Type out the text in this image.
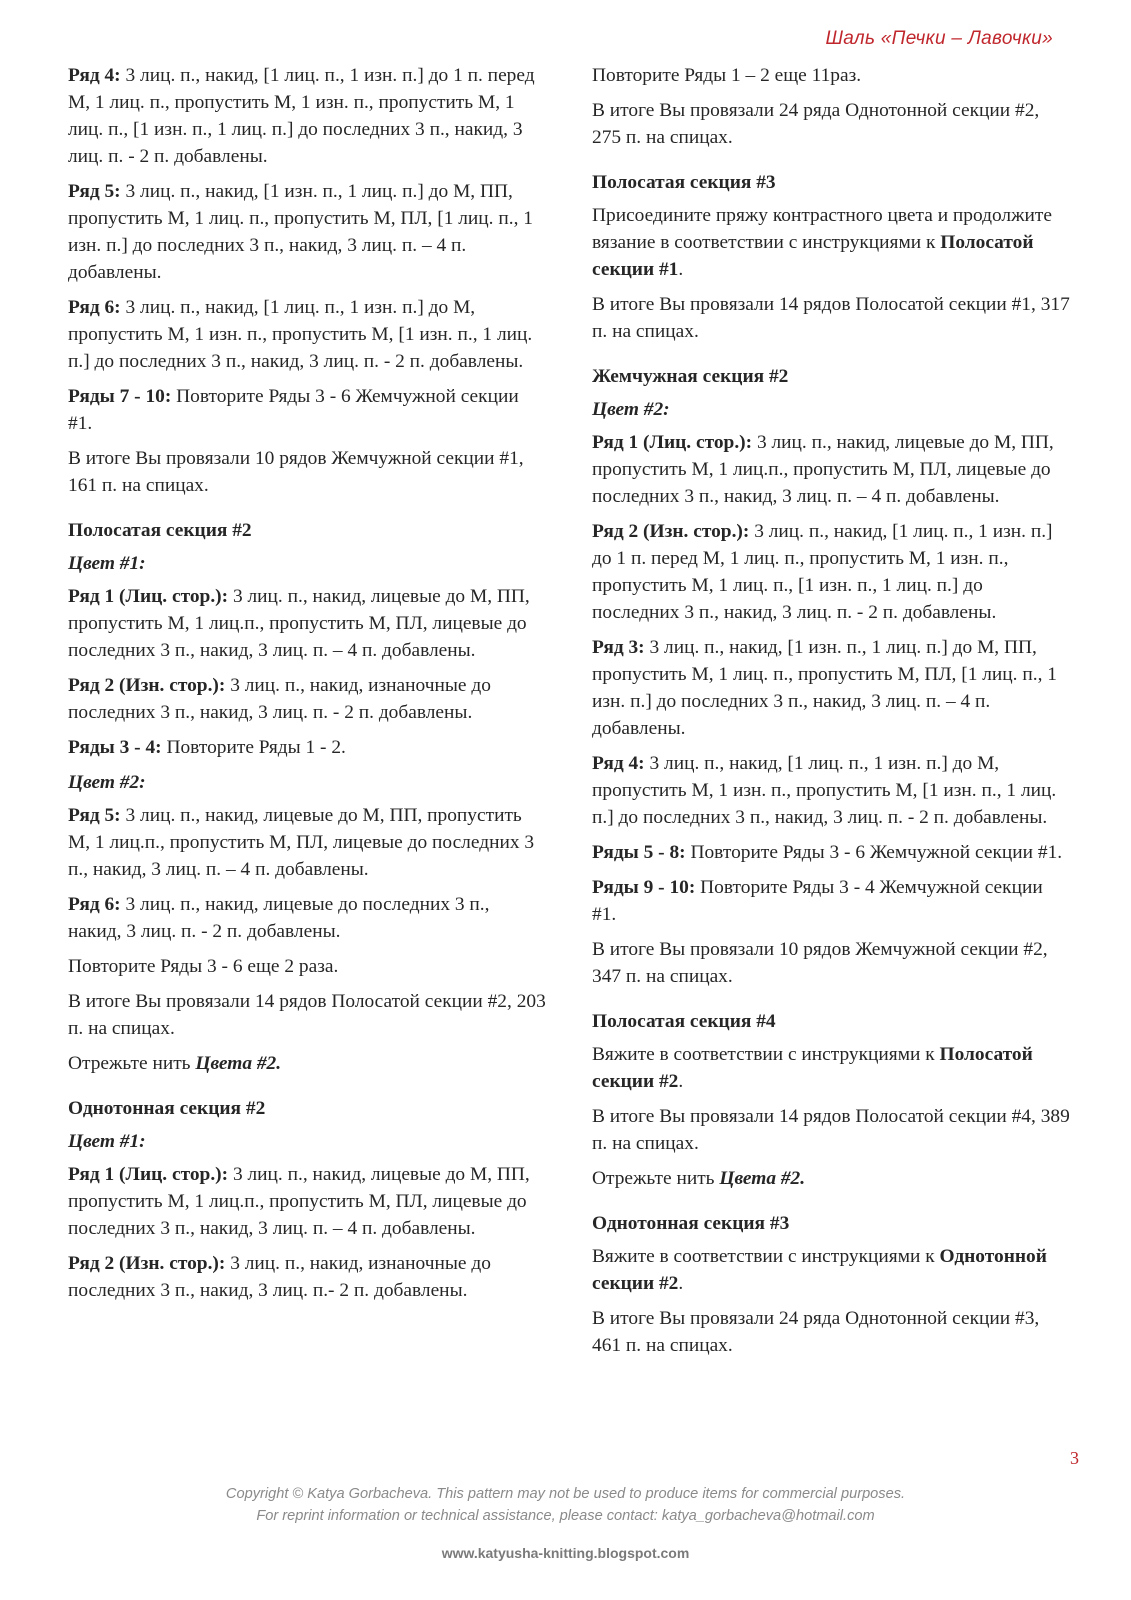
Шаль «Печки – Лавочки»

Ряд 4: 3 лиц. п., накид, [1 лиц. п., 1 изн. п.] до 1 п. перед М, 1 лиц. п., пропустить М, 1 изн. п., пропустить М, 1 лиц. п., [1 изн. п., 1 лиц. п.] до последних 3 п., накид, 3 лиц. п. - 2 п. добавлены.

Ряд 5: 3 лиц. п., накид, [1 изн. п., 1 лиц. п.] до М, ПП, пропустить М, 1 лиц. п., пропустить М, ПЛ, [1 лиц. п., 1 изн. п.] до последних 3 п., накид, 3 лиц. п. – 4 п. добавлены.

Ряд 6: 3 лиц. п., накид, [1 лиц. п., 1 изн. п.] до М, пропустить М, 1 изн. п., пропустить М, [1 изн. п., 1 лиц. п.] до последних 3 п., накид, 3 лиц. п. - 2 п. добавлены.

Ряды 7 - 10: Повторите Ряды 3 - 6 Жемчужной секции #1.

В итоге Вы провязали 10 рядов Жемчужной секции #1, 161 п. на спицах.

Полосатая секция #2
Цвет #1:

Ряд 1 (Лиц. стор.): 3 лиц. п., накид, лицевые до М, ПП, пропустить М, 1 лиц.п., пропустить М, ПЛ, лицевые до последних 3 п., накид, 3 лиц. п. – 4 п. добавлены.

Ряд 2 (Изн. стор.): 3 лиц. п., накид, изнаночные до последних 3 п., накид, 3 лиц. п. - 2 п. добавлены.

Ряды 3 - 4: Повторите Ряды 1 - 2.

Цвет #2:

Ряд 5: 3 лиц. п., накид, лицевые до М, ПП, пропустить М, 1 лиц.п., пропустить М, ПЛ, лицевые до последних 3 п., накид, 3 лиц. п. – 4 п. добавлены.

Ряд 6: 3 лиц. п., накид, лицевые до последних 3 п., накид, 3 лиц. п. - 2 п. добавлены.

Повторите Ряды 3 - 6 еще 2 раза.

В итоге Вы провязали 14 рядов Полосатой секции #2, 203 п. на спицах.

Отрежьте нить Цвета #2.

Однотонная секция #2
Цвет #1:

Ряд 1 (Лиц. стор.): 3 лиц. п., накид, лицевые до М, ПП, пропустить М, 1 лиц.п., пропустить М, ПЛ, лицевые до последних 3 п., накид, 3 лиц. п. – 4 п. добавлены.

Ряд 2 (Изн. стор.): 3 лиц. п., накид, изнаночные до последних 3 п., накид, 3 лиц. п.- 2 п. добавлены.

Повторите Ряды 1 – 2 еще 11раз.

В итоге Вы провязали 24 ряда Однотонной секции #2, 275 п. на спицах.

Полосатая секция #3

Присоедините пряжу контрастного цвета и продолжите вязание в соответствии с инструкциями к Полосатой секции #1.

В итоге Вы провязали 14 рядов Полосатой секции #1, 317 п. на спицах.

Жемчужная секция #2
Цвет #2:

Ряд 1 (Лиц. стор.): 3 лиц. п., накид, лицевые до М, ПП, пропустить М, 1 лиц.п., пропустить М, ПЛ, лицевые до последних 3 п., накид, 3 лиц. п. – 4 п. добавлены.

Ряд 2 (Изн. стор.): 3 лиц. п., накид, [1 лиц. п., 1 изн. п.] до 1 п. перед М, 1 лиц. п., пропустить М, 1 изн. п., пропустить М, 1 лиц. п., [1 изн. п., 1 лиц. п.] до последних 3 п., накид, 3 лиц. п. - 2 п. добавлены.

Ряд 3: 3 лиц. п., накид, [1 изн. п., 1 лиц. п.] до М, ПП, пропустить М, 1 лиц. п., пропустить М, ПЛ, [1 лиц. п., 1 изн. п.] до последних 3 п., накид, 3 лиц. п. – 4 п. добавлены.

Ряд 4: 3 лиц. п., накид, [1 лиц. п., 1 изн. п.] до М, пропустить М, 1 изн. п., пропустить М, [1 изн. п., 1 лиц. п.] до последних 3 п., накид, 3 лиц. п. - 2 п. добавлены.

Ряды 5 - 8: Повторите Ряды 3 - 6 Жемчужной секции #1.

Ряды 9 - 10: Повторите Ряды 3 - 4 Жемчужной секции #1.

В итоге Вы провязали 10 рядов Жемчужной секции #2, 347 п. на спицах.

Полосатая секция #4

Вяжите в соответствии с инструкциями к Полосатой секции #2.

В итоге Вы провязали 14 рядов Полосатой секции #4, 389 п. на спицах.

Отрежьте нить Цвета #2.

Однотонная секция #3

Вяжите в соответствии с инструкциями к Однотонной секции #2.

В итоге Вы провязали 24 ряда Однотонной секции #3, 461 п. на спицах.

3
Copyright © Katya Gorbacheva. This pattern may not be used to produce items for commercial purposes.
For reprint information or technical assistance, please contact: katya_gorbacheva@hotmail.com
www.katyusha-knitting.blogspot.com
